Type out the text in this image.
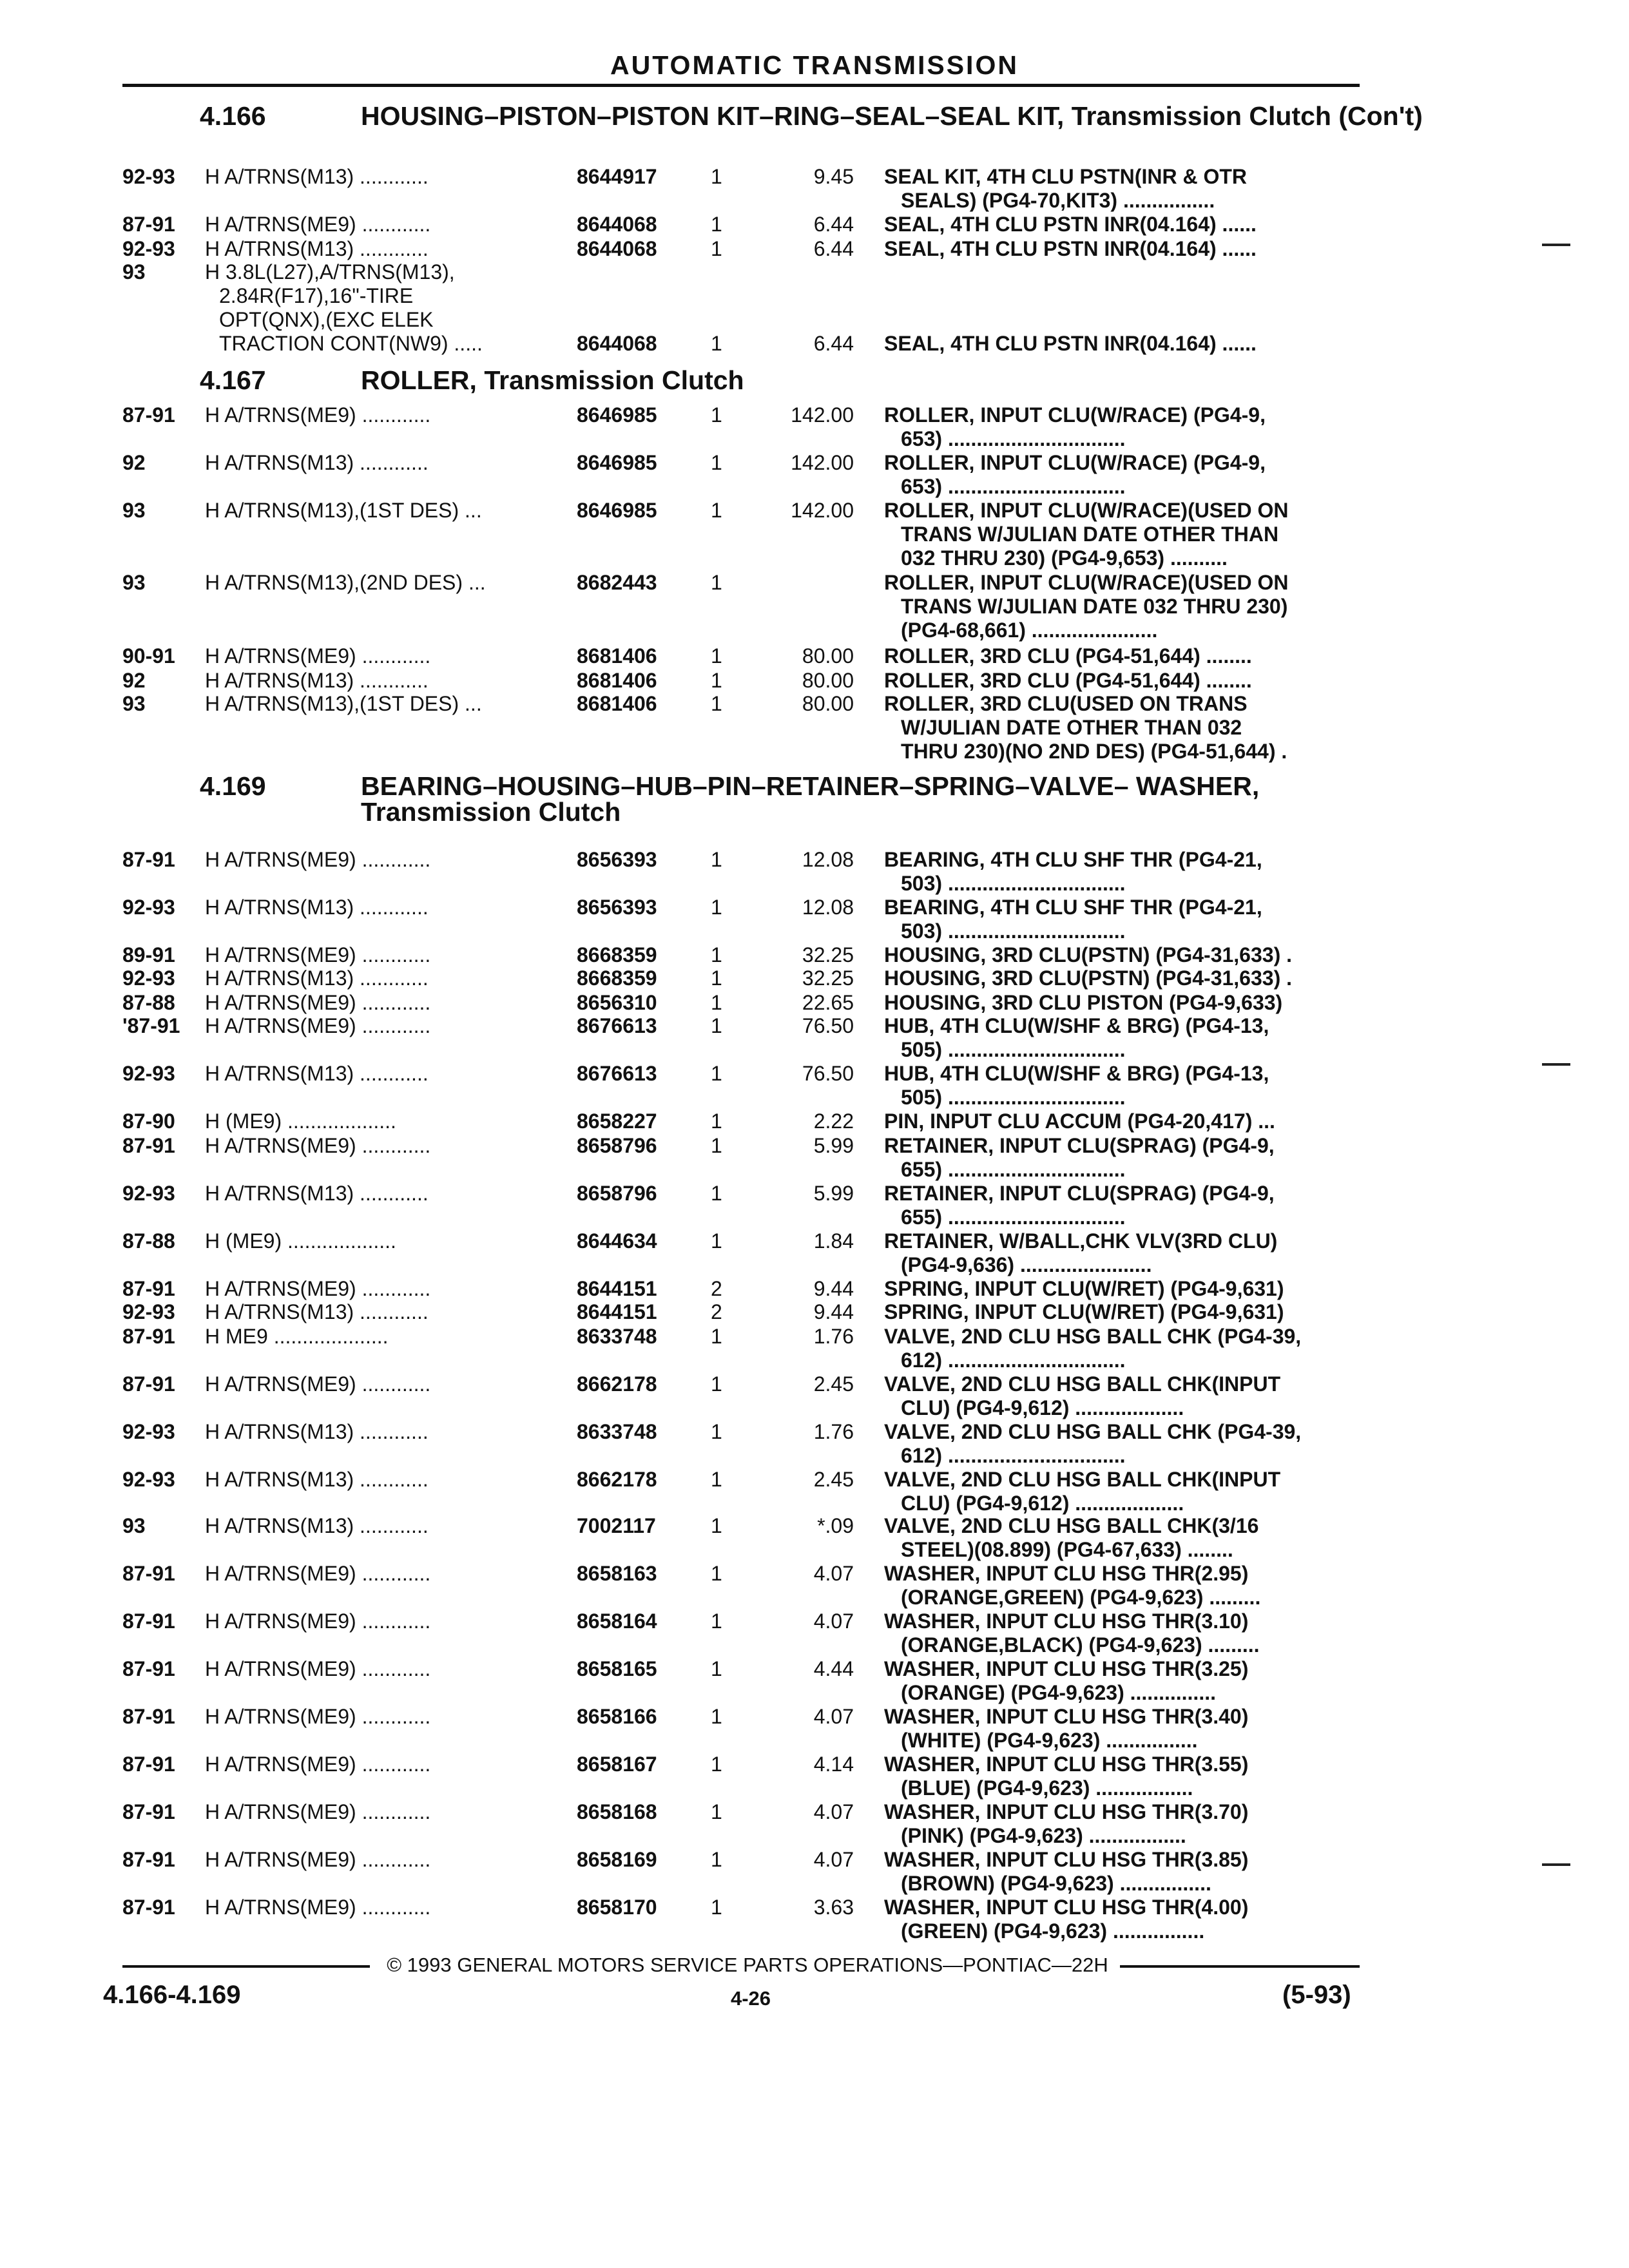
AUTOMATIC TRANSMISSION
4.166	HOUSING–PISTON–PISTON KIT–RING–SEAL–SEAL KIT, Transmission Clutch (Con't)
4.167	ROLLER, Transmission Clutch
4.169	BEARING–HOUSING–HUB–PIN–RETAINER–SPRING–VALVE– WASHER, Transmission Clutch
92-93 H A/TRNS(M13) ............	8644917	1	9.45 SEAL KIT, 4TH CLU PSTN(INR & OTR
SEALS) (PG4-70,KIT3) ................
87-91 H A/TRNS(ME9) ............	8644068	1	6.44 SEAL, 4TH CLU PSTN INR(04.164) ......
92-93 H A/TRNS(M13) ............	8644068	1	6.44 SEAL, 4TH CLU PSTN INR(04.164) ......
93	H 3.8L(L27),A/TRNS(M13),
2.84R(F17),16"-TIRE
OPT(QNX),(EXC ELEK
TRACTION CONT(NW9) .....	8644068	1	6.44 SEAL, 4TH CLU PSTN INR(04.164) ......
87-91 H A/TRNS(ME9) ............	8646985	1	142.00 ROLLER, INPUT CLU(W/RACE) (PG4-9,
653) ...............................
92	H A/TRNS(M13) ............	8646985	1	142.00 ROLLER, INPUT CLU(W/RACE) (PG4-9,
653) ...............................
93	H A/TRNS(M13),(1ST DES) ...	8646985	1	142.00 ROLLER, INPUT CLU(W/RACE)(USED ON
TRANS W/JULIAN DATE OTHER THAN
032 THRU 230) (PG4-9,653) ..........
93	H A/TRNS(M13),(2ND DES) ...	8682443	1	ROLLER, INPUT CLU(W/RACE)(USED ON
TRANS W/JULIAN DATE 032 THRU 230)
(PG4-68,661) ......................
90-91 H A/TRNS(ME9) ............	8681406	1	80.00 ROLLER, 3RD CLU (PG4-51,644) ........
92	H A/TRNS(M13) ............	8681406	1	80.00 ROLLER, 3RD CLU (PG4-51,644) ........
93	H A/TRNS(M13),(1ST DES) ...	8681406	1	80.00 ROLLER, 3RD CLU(USED ON TRANS
W/JULIAN DATE OTHER THAN 032
THRU 230)(NO 2ND DES) (PG4-51,644) .
87-91 H A/TRNS(ME9) ............	8656393	1	12.08 BEARING, 4TH CLU SHF THR (PG4-21,
503) ...............................
92-93 H A/TRNS(M13) ............	8656393	1	12.08 BEARING, 4TH CLU SHF THR (PG4-21,
503) ...............................
89-91 H A/TRNS(ME9) ............	8668359	1	32.25 HOUSING, 3RD CLU(PSTN) (PG4-31,633) .
92-93 H A/TRNS(M13) ............	8668359	1	32.25 HOUSING, 3RD CLU(PSTN) (PG4-31,633) .
87-88 H A/TRNS(ME9) ............	8656310	1	22.65 HOUSING, 3RD CLU PISTON (PG4-9,633)
'87-91 H A/TRNS(ME9) ............	8676613	1	76.50 HUB, 4TH CLU(W/SHF & BRG) (PG4-13,
505) ...............................
92-93 H A/TRNS(M13) ............	8676613	1	76.50 HUB, 4TH CLU(W/SHF & BRG) (PG4-13,
505) ...............................
87-90 H (ME9) ...................	8658227	1	2.22 PIN, INPUT CLU ACCUM (PG4-20,417) ...
87-91 H A/TRNS(ME9) ............	8658796	1	5.99 RETAINER, INPUT CLU(SPRAG) (PG4-9,
655) ...............................
92-93 H A/TRNS(M13) ............	8658796	1	5.99 RETAINER, INPUT CLU(SPRAG) (PG4-9,
655) ...............................
87-88 H (ME9) ...................	8644634	1	1.84 RETAINER, W/BALL,CHK VLV(3RD CLU)
(PG4-9,636) .......................
87-91 H A/TRNS(ME9) ............	8644151	2	9.44 SPRING, INPUT CLU(W/RET) (PG4-9,631)
92-93 H A/TRNS(M13) ............	8644151	2	9.44 SPRING, INPUT CLU(W/RET) (PG4-9,631)
87-91 H ME9 ....................	8633748	1	1.76 VALVE, 2ND CLU HSG BALL CHK (PG4-39,
612) ...............................
87-91 H A/TRNS(ME9) ............	8662178	1	2.45 VALVE, 2ND CLU HSG BALL CHK(INPUT
CLU) (PG4-9,612) ...................
92-93 H A/TRNS(M13) ............	8633748	1	1.76 VALVE, 2ND CLU HSG BALL CHK (PG4-39,
612) ...............................
92-93 H A/TRNS(M13) ............	8662178	1	2.45 VALVE, 2ND CLU HSG BALL CHK(INPUT
CLU) (PG4-9,612) ...................
93	H A/TRNS(M13) ............	7002117	1	*.09 VALVE, 2ND CLU HSG BALL CHK(3/16
STEEL)(08.899) (PG4-67,633) ........
87-91 H A/TRNS(ME9) ............	8658163	1	4.07 WASHER, INPUT CLU HSG THR(2.95)
(ORANGE,GREEN) (PG4-9,623) .........
87-91 H A/TRNS(ME9) ............	8658164	1	4.07 WASHER, INPUT CLU HSG THR(3.10)
(ORANGE,BLACK) (PG4-9,623) .........
87-91 H A/TRNS(ME9) ............	8658165	1	4.44 WASHER, INPUT CLU HSG THR(3.25)
(ORANGE) (PG4-9,623) ...............
87-91 H A/TRNS(ME9) ............	8658166	1	4.07 WASHER, INPUT CLU HSG THR(3.40)
(WHITE) (PG4-9,623) ................
87-91 H A/TRNS(ME9) ............	8658167	1	4.14 WASHER, INPUT CLU HSG THR(3.55)
(BLUE) (PG4-9,623) .................
87-91 H A/TRNS(ME9) ............	8658168	1	4.07 WASHER, INPUT CLU HSG THR(3.70)
(PINK) (PG4-9,623) .................
87-91 H A/TRNS(ME9) ............	8658169	1	4.07 WASHER, INPUT CLU HSG THR(3.85)
(BROWN) (PG4-9,623) ................
87-91 H A/TRNS(ME9) ............	8658170	1	3.63 WASHER, INPUT CLU HSG THR(4.00)
(GREEN) (PG4-9,623) ................
© 1993 GENERAL MOTORS SERVICE PARTS OPERATIONS—PONTIAC—22H
4.166-4.169	4-26	(5-93)
